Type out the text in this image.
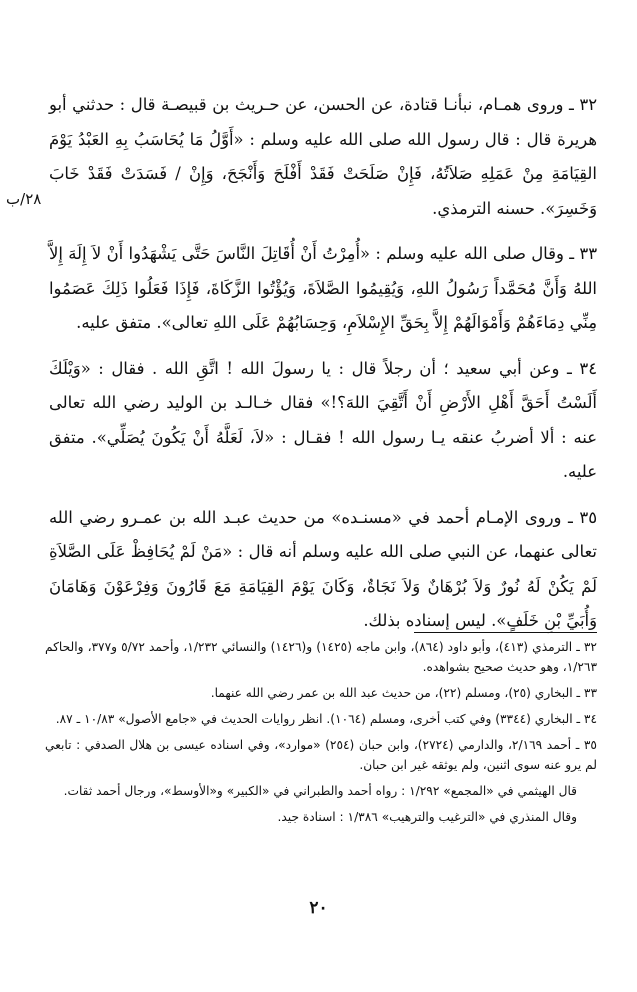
٣٢ ـ وروى همـام، نبأنـا قتادة، عن الحسن، عن حـريث بن قبيصـة قال : حدثني أبو هريرة قال : قال رسول الله صلى الله عليه وسلم : «أَوَّلُ مَا يُحَاسَبُ بِهِ العَبْدُ يَوْمَ القِيَامَةِ مِنْ عَمَلِهِ صَلاَتُهُ، فَإِنْ صَلَحَتْ فَقَدْ أَفْلَحَ وَأَنْجَحَ، وَإِنْ / فَسَدَتْ فَقَدْ خَابَ وَخَسِرَ». حسنه الترمذي.

٣٣ ـ وقال صلى الله عليه وسلم : «أُمِرْتُ أَنْ أُقَاتِلَ النَّاسَ حَتَّى يَشْهَدُوا أَنْ لاَ إِلَهَ إِلاَّ اللهُ وَأَنَّ مُحَمَّداً رَسُولُ اللهِ، وَيُقِيمُوا الصَّلاَةَ، وَيُؤْتُوا الزَّكَاةَ، فَإِذَا فَعَلُوا ذَلِكَ عَصَمُوا مِنِّي دِمَاءَهُمْ وَأَمْوَالَهُمْ إِلاَّ بِحَقِّ الإِسْلاَمِ، وَحِسَابُهُمْ عَلَى اللهِ تعالى». متفق عليه.

٣٤ ـ وعن أبي سعيد ؛ أن رجلاً قال : يا رسولَ الله ! اتَّقِ الله . فقال : «وَيْلَكَ أَلَسْتُ أَحَقَّ أَهْلِ الأَرْضِ أَنْ أَتَّقِيَ اللهَ؟!» فقال خـالـد بن الوليد رضي الله تعالى عنه : ألا أضربُ عنقه يـا رسول الله ! فقـال : «لاَ، لَعَلَّهُ أَنْ يَكُونَ يُصَلِّي». متفق عليه.

٣٥ ـ وروى الإمـام أحمد في «مسنـده» من حديث عبـد الله بن عمـرو رضي الله تعالى عنهما، عن النبي صلى الله عليه وسلم أنه قال : «مَنْ لَمْ يُحَافِظْ عَلَى الصَّلاَةِ لَمْ يَكُنْ لَهُ نُورٌ وَلاَ بُرْهَانٌ وَلاَ نَجَاةٌ، وَكَانَ يَوْمَ القِيَامَةِ مَعَ قَارُونَ وَفِرْعَوْنَ وَهَامَانَ وَأُبَيِّ بْنِ خَلَفٍ». ليس إسناده بذلك.

٢٨/ب

٣٢ ـ الترمذي (٤١٣)، وأبو داود (٨٦٤)، وابن ماجه (١٤٢٥) و(١٤٢٦) والنسائي ١/٢٣٢، وأحمد ٥/٧٢ و٣٧٧، والحاكم ١/٢٦٣، وهو حديث صحيح بشواهده.

٣٣ ـ البخاري (٢٥)، ومسلم (٢٢)، من حديث عبد الله بن عمر رضي الله عنهما.

٣٤ ـ البخاري (٣٣٤٤) وفي كتب أخرى، ومسلم (١٠٦٤). انظر روايات الحديث في «جامع الأصول» ١٠/٨٣ ـ ٨٧.

٣٥ ـ أحمد ٢/١٦٩، والدارمي (٢٧٢٤)، وابن حبان (٢٥٤) «موارد»، وفي اسناده عيسى بن هلال الصدفي : تابعي لم يرو عنه سوى اثنين، ولم يوثقه غير ابن حبان.

قال الهيثمي في «المجمع» ١/٢٩٢ : رواه أحمد والطبراني في «الكبير» و«الأوسط»، ورجال أحمد ثقات.

وقال المنذري في «الترغيب والترهيب» ١/٣٨٦ : اسنادة جيد.

٢٠
